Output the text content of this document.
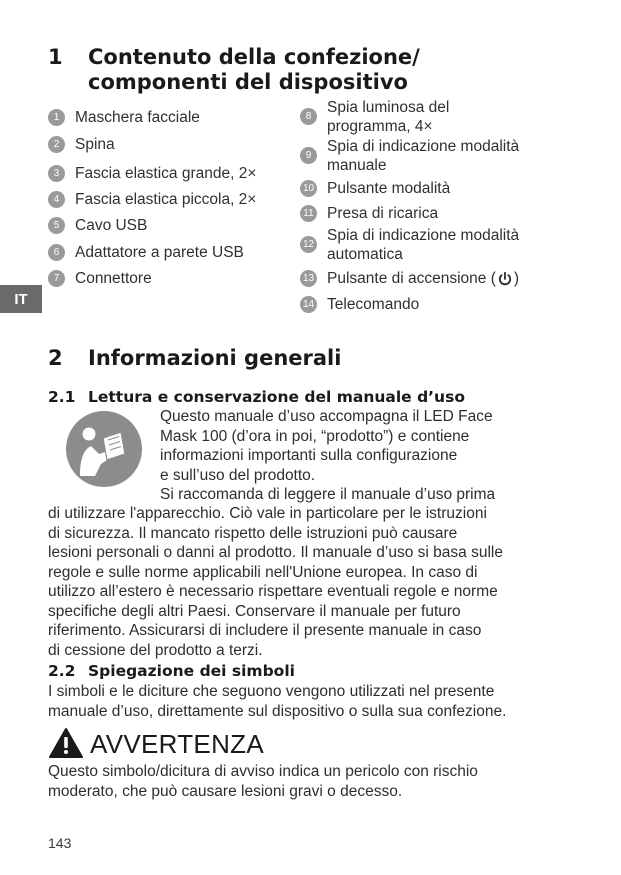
IT
1 Contenuto della confezione/
componenti del dispositivo
1	Maschera facciale
2	Spina
3	Fascia elastica grande, 2×
4	Fascia elastica piccola, 2×
5	Cavo USB
6	Adattatore a parete USB
7	Connettore
8
Spia luminosa del
programma, 4×
9
Spia di indicazione modalità
manuale
10 Pulsante modalità
11 Presa di ricarica
12
Spia di indicazione modalità
automatica
13 Pulsante di accensione ( )
14 Telecomando
2 Informazioni generali
2.1 Lettura e conservazione del manuale d’uso
Questo manuale d’uso accompagna il LED Face
Mask 100 (d’ora in poi, “prodotto”) e contiene
informazioni importanti sulla configurazione
e sull’uso del prodotto.
Si raccomanda di leggere il manuale d’uso prima
di utilizzare l'apparecchio. Ciò vale in particolare per le istruzioni
di sicurezza. Il mancato rispetto delle istruzioni può causare
lesioni personali o danni al prodotto. Il manuale d’uso si basa sulle
regole e sulle norme applicabili nell'Unione europea. In caso di
utilizzo all’estero è necessario rispettare eventuali regole e norme
specifiche degli altri Paesi. Conservare il manuale per futuro
riferimento. Assicurarsi di includere il presente manuale in caso
di cessione del prodotto a terzi.
2.2 Spiegazione dei simboli
I simboli e le diciture che seguono vengono utilizzati nel presente
manuale d’uso, direttamente sul dispositivo o sulla sua confezione.
AVVERTENZA
Questo simbolo/dicitura di avviso indica un pericolo con rischio
moderato, che può causare lesioni gravi o decesso.
143
